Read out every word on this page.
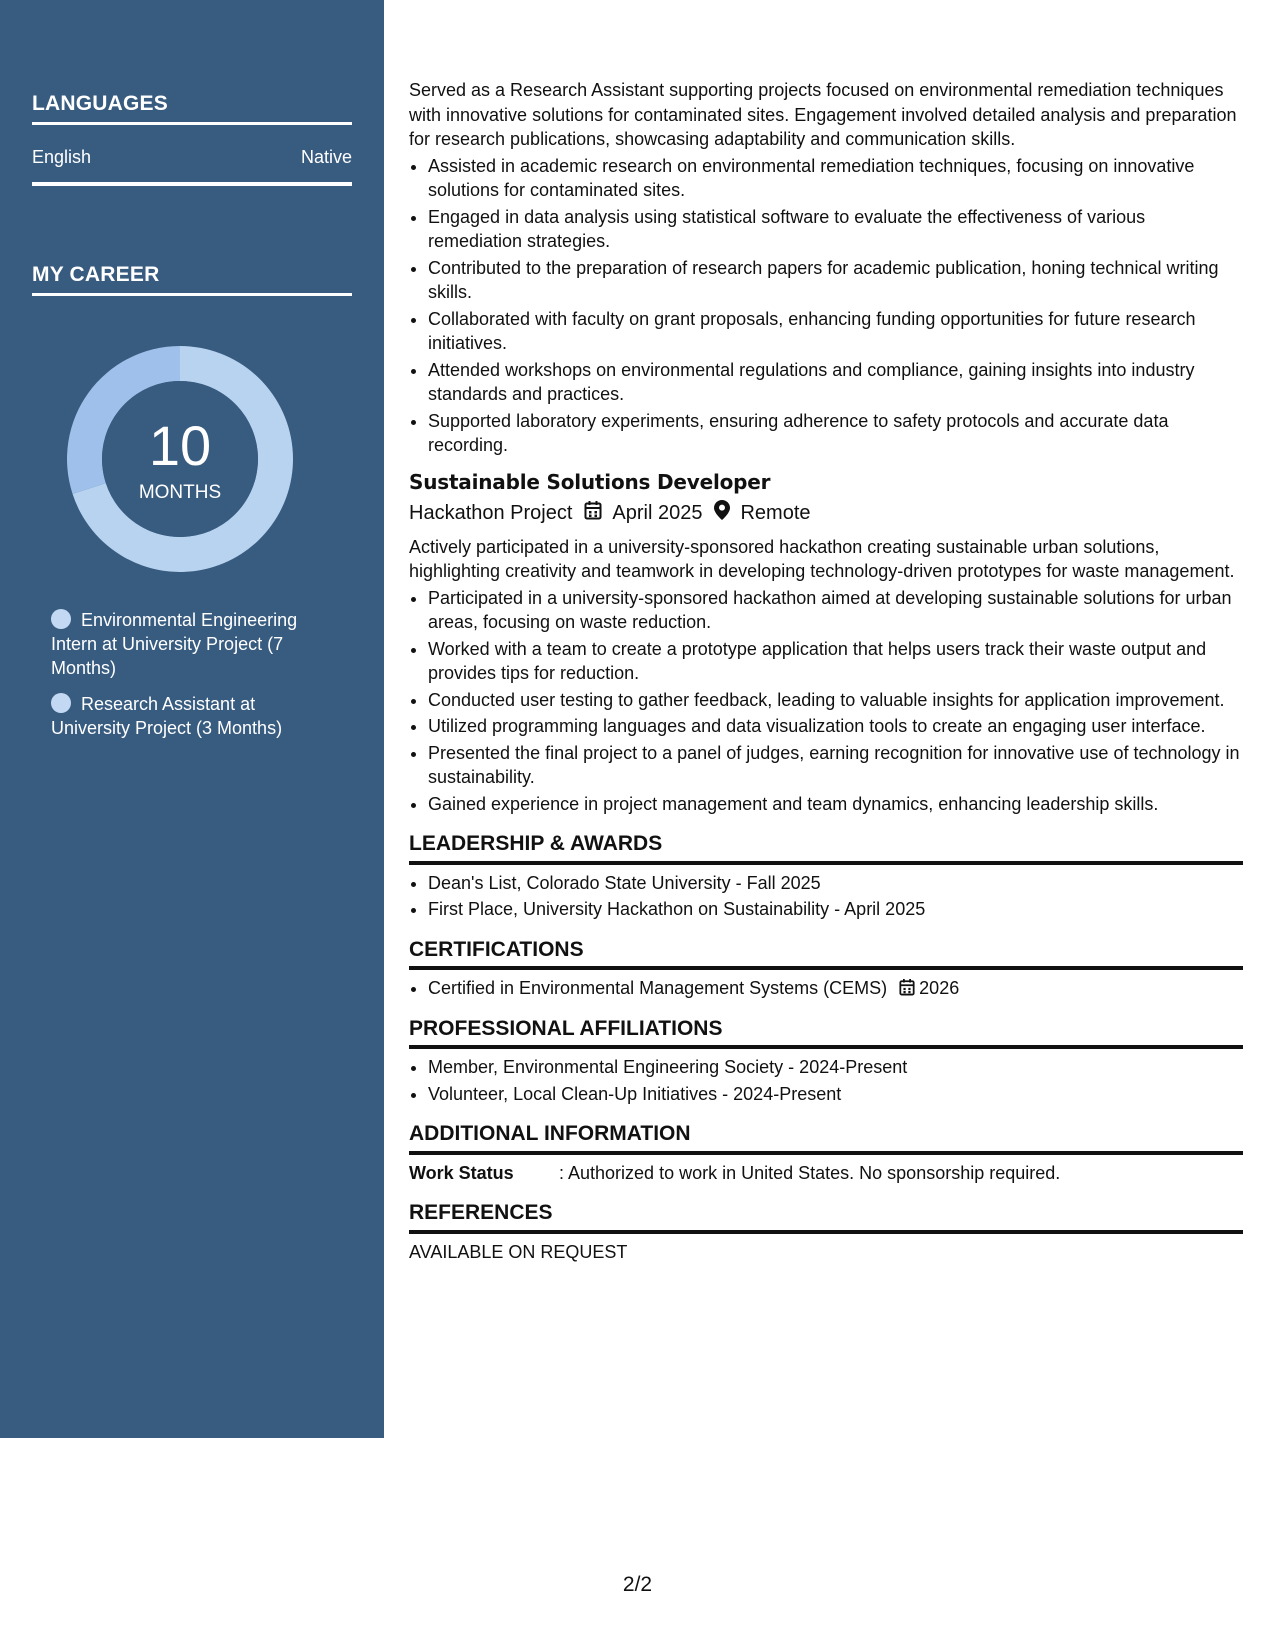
LANGUAGES
English	Native
MY CAREER
10
MONTHS
Environmental Engineering Intern at University Project (7 Months)
Research Assistant at University Project (3 Months)

Served as a Research Assistant supporting projects focused on environmental remediation techniques with innovative solutions for contaminated sites. Engagement involved detailed analysis and preparation for research publications, showcasing adaptability and communication skills.

• Assisted in academic research on environmental remediation techniques, focusing on innovative solutions for contaminated sites.
• Engaged in data analysis using statistical software to evaluate the effectiveness of various remediation strategies.
• Contributed to the preparation of research papers for academic publication, honing technical writing skills.
• Collaborated with faculty on grant proposals, enhancing funding opportunities for future research initiatives.
• Attended workshops on environmental regulations and compliance, gaining insights into industry standards and practices.
• Supported laboratory experiments, ensuring adherence to safety protocols and accurate data recording.
Sustainable Solutions Developer
Hackathon Project April 2025 Remote

Actively participated in a university-sponsored hackathon creating sustainable urban solutions, highlighting creativity and teamwork in developing technology-driven prototypes for waste management.

• Participated in a university-sponsored hackathon aimed at developing sustainable solutions for urban areas, focusing on waste reduction.
• Worked with a team to create a prototype application that helps users track their waste output and provides tips for reduction.
• Conducted user testing to gather feedback, leading to valuable insights for application improvement.
• Utilized programming languages and data visualization tools to create an engaging user interface.
• Presented the final project to a panel of judges, earning recognition for innovative use of technology in sustainability.
• Gained experience in project management and team dynamics, enhancing leadership skills.
LEADERSHIP & AWARDS
• Dean's List, Colorado State University - Fall 2025
• First Place, University Hackathon on Sustainability - April 2025
CERTIFICATIONS
• Certified in Environmental Management Systems (CEMS) 2026
PROFESSIONAL AFFILIATIONS
• Member, Environmental Engineering Society - 2024-Present
• Volunteer, Local Clean-Up Initiatives - 2024-Present
ADDITIONAL INFORMATION
Work Status	: Authorized to work in United States. No sponsorship required.
REFERENCES

AVAILABLE ON REQUEST

2/2
